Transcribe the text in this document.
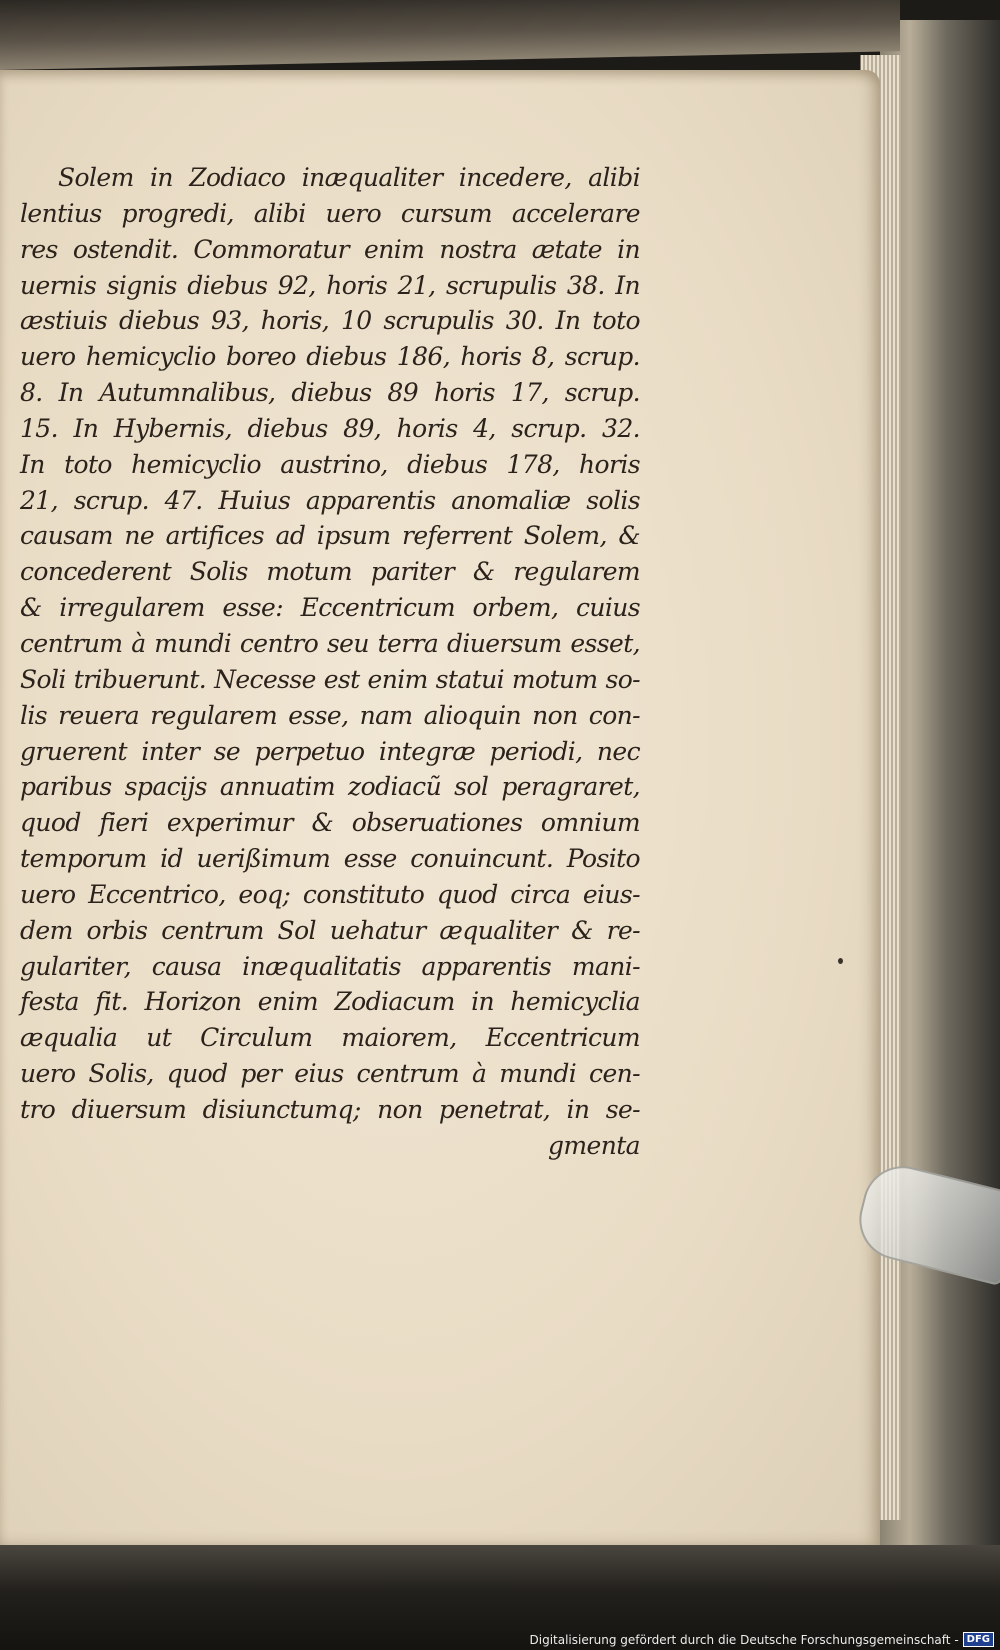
Solem in Zodiaco inæqualiter incedere, alibi
lentius progredi, alibi uero cursum accelerare
res ostendit. Commoratur enim nostra ætate in
uernis signis diebus 92, horis 21, scrupulis 38. In
æstiuis diebus 93, horis, 10 scrupulis 30. In toto
uero hemicyclio boreo diebus 186, horis 8, scrup.
8. In Autumnalibus, diebus 89 horis 17, scrup.
15. In Hybernis, diebus 89, horis 4, scrup. 32.
In toto hemicyclio austrino, diebus 178, horis
21, scrup. 47. Huius apparentis anomaliæ solis
causam ne artifices ad ipsum referrent Solem, &
concederent Solis motum pariter & regularem
& irregularem esse: Eccentricum orbem, cuius
centrum à mundi centro seu terra diuersum esset,
Soli tribuerunt. Necesse est enim statui motum so-
lis reuera regularem esse, nam alioquin non con-
gruerent inter se perpetuo integræ periodi, nec
paribus spacijs annuatim zodiacũ sol peragraret,
quod fieri experimur & obseruationes omnium
temporum id uerißimum esse conuincunt. Posito
uero Eccentrico, eoq; constituto quod circa eius-
dem orbis centrum Sol uehatur æqualiter & re-
gulariter, causa inæqualitatis apparentis mani-
festa fit. Horizon enim Zodiacum in hemicyclia
æqualia ut Circulum maiorem, Eccentricum
uero Solis, quod per eius centrum à mundi cen-
tro diuersum disiunctumq; non penetrat, in se-
gmenta
Digitalisierung gefördert durch die Deutsche Forschungsgemeinschaft - DFG
